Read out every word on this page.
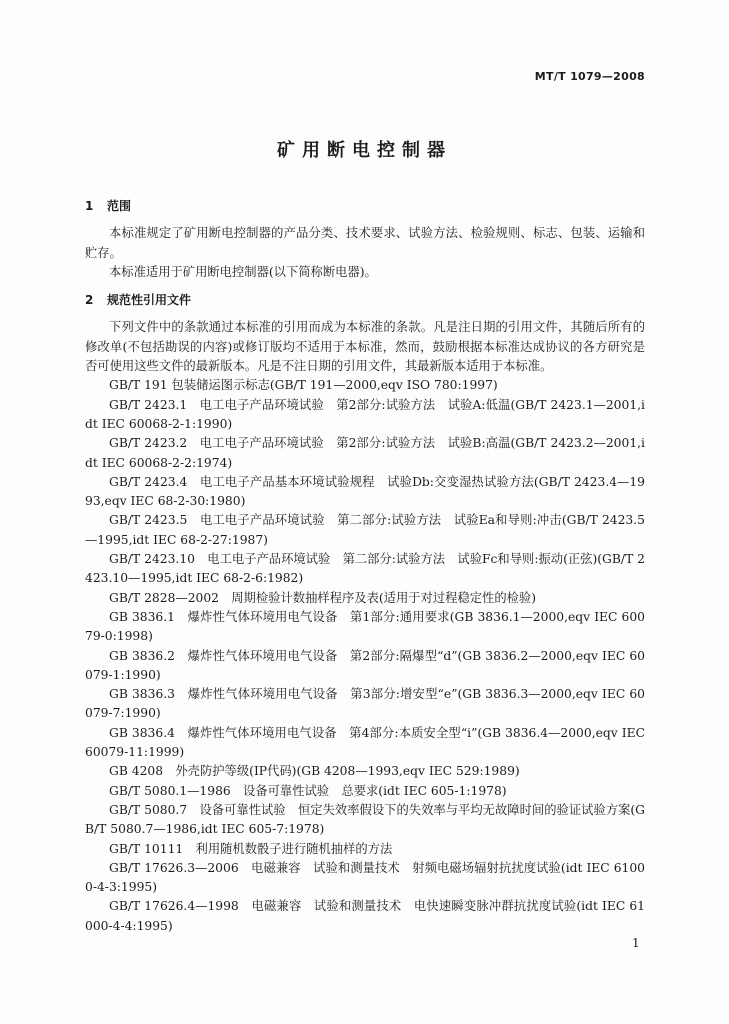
MT/T 1079—2008
矿用断电控制器
1 范围

本标准规定了矿用断电控制器的产品分类、技术要求、试验方法、检验规则、标志、包装、运输和贮存。

本标准适用于矿用断电控制器(以下简称断电器)。

2 规范性引用文件

下列文件中的条款通过本标准的引用而成为本标准的条款。凡是注日期的引用文件，其随后所有的修改单(不包括勘误的内容)或修订版均不适用于本标准，然而，鼓励根据本标准达成协议的各方研究是否可使用这些文件的最新版本。凡是不注日期的引用文件，其最新版本适用于本标准。

GB/T 191 包装储运图示标志(GB/T 191—2000,eqv ISO 780:1997)

GB/T 2423.1　电工电子产品环境试验　第2部分:试验方法　试验A:低温(GB/T 2423.1—2001,idt IEC 60068-2-1:1990)

GB/T 2423.2　电工电子产品环境试验　第2部分:试验方法　试验B:高温(GB/T 2423.2—2001,idt IEC 60068-2-2:1974)

GB/T 2423.4　电工电子产品基本环境试验规程　试验Db:交变湿热试验方法(GB/T 2423.4—1993,eqv IEC 68-2-30:1980)

GB/T 2423.5　电工电子产品环境试验　第二部分:试验方法　试验Ea和导则:冲击(GB/T 2423.5—1995,idt IEC 68-2-27:1987)

GB/T 2423.10　电工电子产品环境试验　第二部分:试验方法　试验Fc和导则:振动(正弦)(GB/T 2423.10—1995,idt IEC 68-2-6:1982)

GB/T 2828—2002　周期检验计数抽样程序及表(适用于对过程稳定性的检验)

GB 3836.1　爆炸性气体环境用电气设备　第1部分:通用要求(GB 3836.1—2000,eqv IEC 60079-0:1998)

GB 3836.2　爆炸性气体环境用电气设备　第2部分:隔爆型“d”(GB 3836.2—2000,eqv IEC 60079-1:1990)

GB 3836.3　爆炸性气体环境用电气设备　第3部分:增安型“e”(GB 3836.3—2000,eqv IEC 60079-7:1990)

GB 3836.4　爆炸性气体环境用电气设备　第4部分:本质安全型“i”(GB 3836.4—2000,eqv IEC 60079-11:1999)

GB 4208　外壳防护等级(IP代码)(GB 4208—1993,eqv IEC 529:1989)

GB/T 5080.1—1986　设备可靠性试验　总要求(idt IEC 605-1:1978)

GB/T 5080.7　设备可靠性试验　恒定失效率假设下的失效率与平均无故障时间的验证试验方案(GB/T 5080.7—1986,idt IEC 605-7:1978)

GB/T 10111　利用随机数骰子进行随机抽样的方法

GB/T 17626.3—2006　电磁兼容　试验和测量技术　射频电磁场辐射抗扰度试验(idt IEC 61000-4-3:1995)

GB/T 17626.4—1998　电磁兼容　试验和测量技术　电快速瞬变脉冲群抗扰度试验(idt IEC 61000-4-4:1995)

1
